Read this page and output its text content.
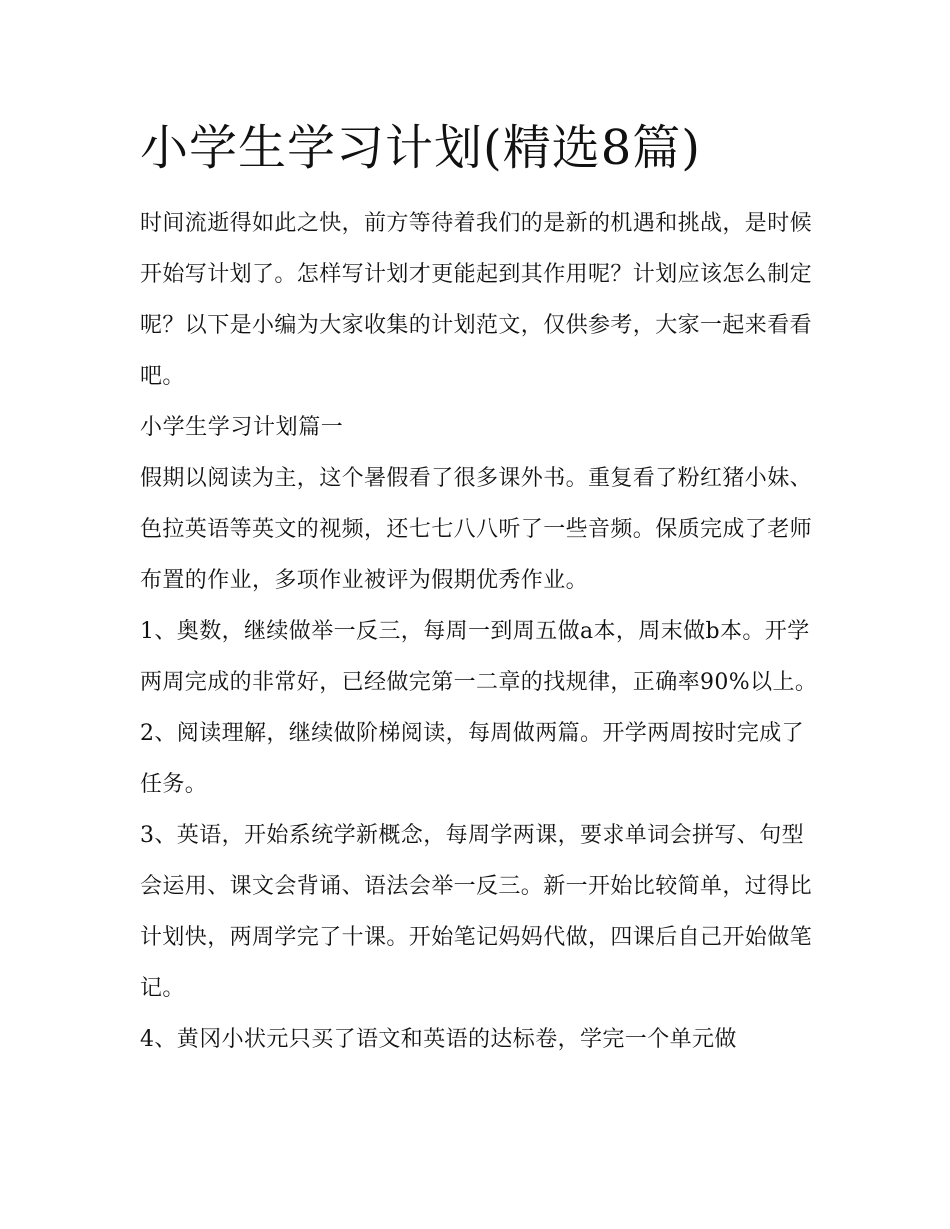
小学生学习计划(精选8篇)

时间流逝得如此之快，前方等待着我们的是新的机遇和挑战，是时候开始写计划了。怎样写计划才更能起到其作用呢？计划应该怎么制定呢？以下是小编为大家收集的计划范文，仅供参考，大家一起来看看吧。

小学生学习计划篇一

假期以阅读为主，这个暑假看了很多课外书。重复看了粉红猪小妹、色拉英语等英文的视频，还七七八八听了一些音频。保质完成了老师布置的作业，多项作业被评为假期优秀作业。

1、奥数，继续做举一反三，每周一到周五做a本，周末做b本。开学两周完成的非常好，已经做完第一二章的找规律，正确率90%以上。

2、阅读理解，继续做阶梯阅读，每周做两篇。开学两周按时完成了任务。

3、英语，开始系统学新概念，每周学两课，要求单词会拼写、句型会运用、课文会背诵、语法会举一反三。新一开始比较简单，过得比计划快，两周学完了十课。开始笔记妈妈代做，四课后自己开始做笔记。

4、黄冈小状元只买了语文和英语的达标卷，学完一个单元做
